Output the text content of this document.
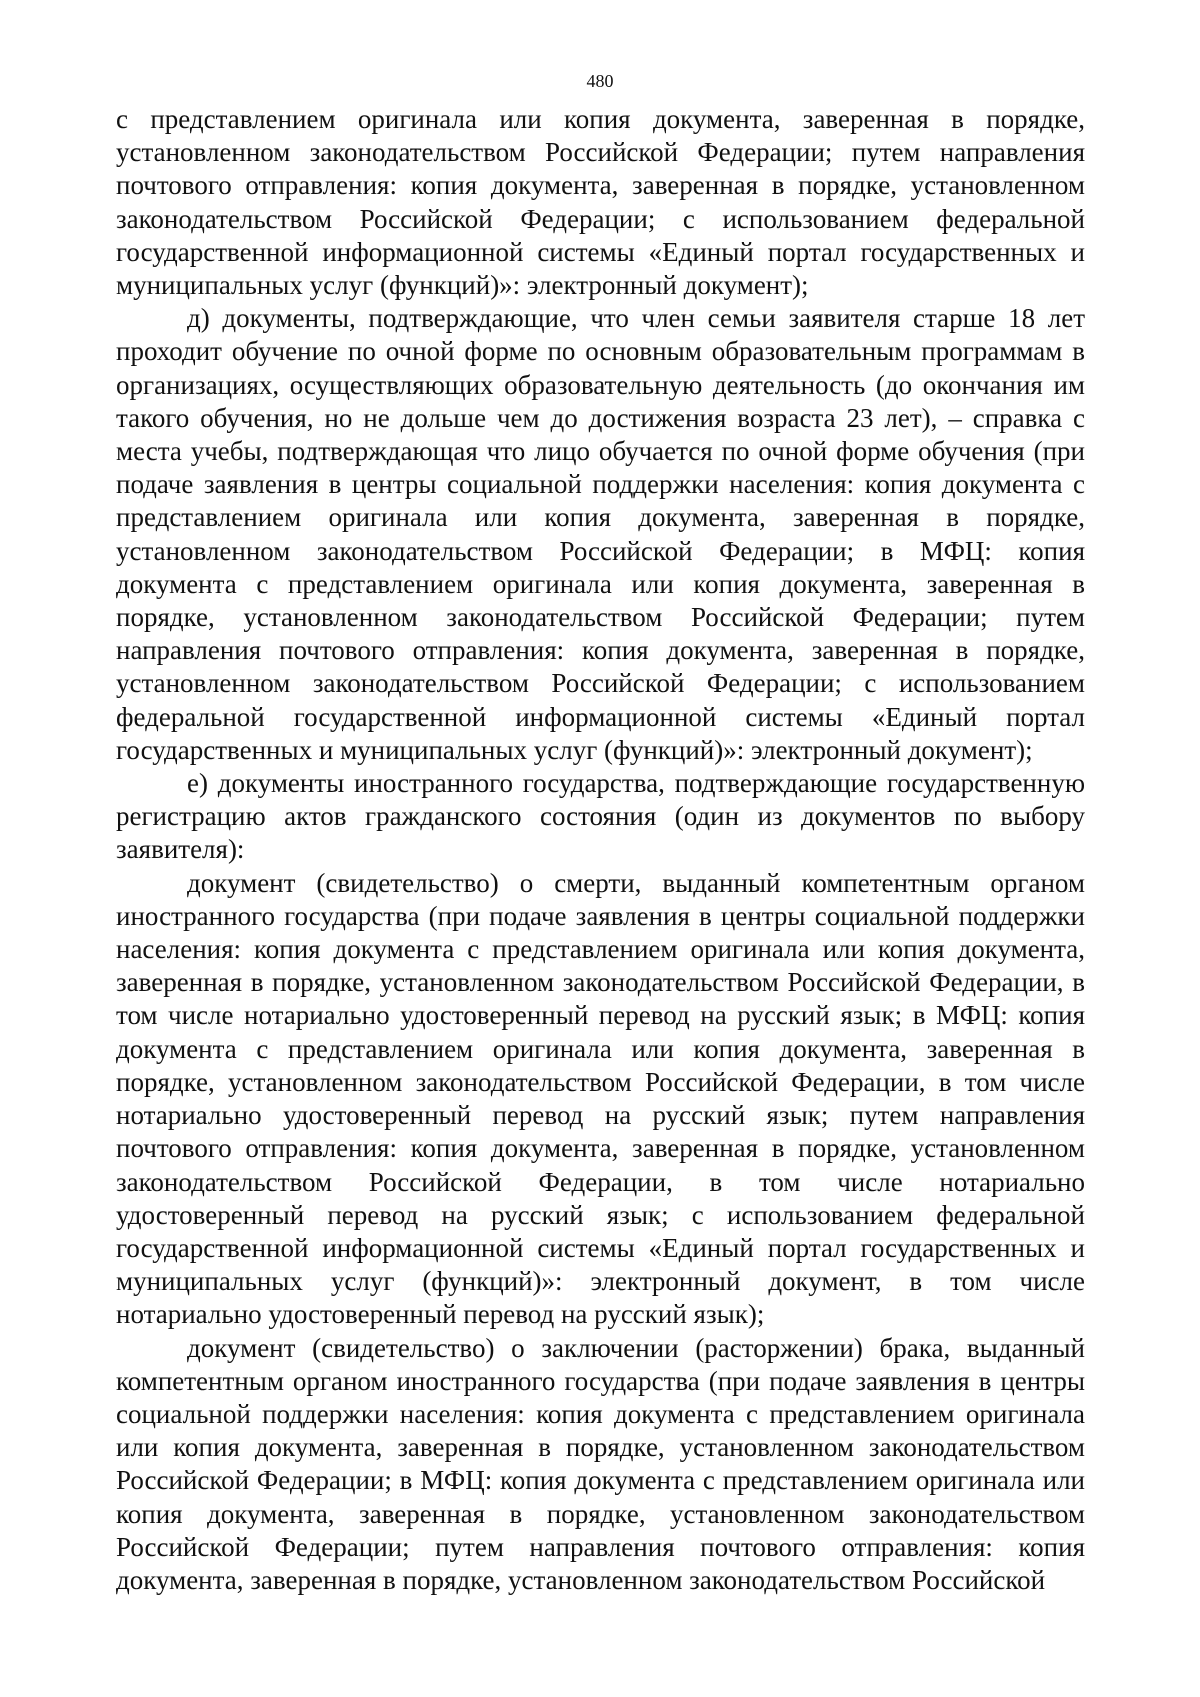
480

с представлением оригинала или копия документа, заверенная в порядке, установленном законодательством Российской Федерации; путем направления почтового отправления: копия документа, заверенная в порядке, установленном законодательством Российской Федерации; с использованием федеральной государственной информационной системы «Единый портал государственных и муниципальных услуг (функций)»: электронный документ);

д) документы, подтверждающие, что член семьи заявителя старше 18 лет проходит обучение по очной форме по основным образовательным программам в организациях, осуществляющих образовательную деятельность (до окончания им такого обучения, но не дольше чем до достижения возраста 23 лет), – справка с места учебы, подтверждающая что лицо обучается по очной форме обучения (при подаче заявления в центры социальной поддержки населения: копия документа с представлением оригинала или копия документа, заверенная в порядке, установленном законодательством Российской Федерации; в МФЦ: копия документа с представлением оригинала или копия документа, заверенная в порядке, установленном законодательством Российской Федерации; путем направления почтового отправления: копия документа, заверенная в порядке, установленном законодательством Российской Федерации; с использованием федеральной государственной информационной системы «Единый портал государственных и муниципальных услуг (функций)»: электронный документ);

е) документы иностранного государства, подтверждающие государственную регистрацию актов гражданского состояния (один из документов по выбору заявителя):

документ (свидетельство) о смерти, выданный компетентным органом иностранного государства (при подаче заявления в центры социальной поддержки населения: копия документа с представлением оригинала или копия документа, заверенная в порядке, установленном законодательством Российской Федерации, в том числе нотариально удостоверенный перевод на русский язык; в МФЦ: копия документа с представлением оригинала или копия документа, заверенная в порядке, установленном законодательством Российской Федерации, в том числе нотариально удостоверенный перевод на русский язык; путем направления почтового отправления: копия документа, заверенная в порядке, установленном законодательством Российской Федерации, в том числе нотариально удостоверенный перевод на русский язык; с использованием федеральной государственной информационной системы «Единый портал государственных и муниципальных услуг (функций)»: электронный документ, в том числе нотариально удостоверенный перевод на русский язык);

документ (свидетельство) о заключении (расторжении) брака, выданный компетентным органом иностранного государства (при подаче заявления в центры социальной поддержки населения: копия документа с представлением оригинала или копия документа, заверенная в порядке, установленном законодательством Российской Федерации; в МФЦ: копия документа с представлением оригинала или копия документа, заверенная в порядке, установленном законодательством Российской Федерации; путем направления почтового отправления: копия документа, заверенная в порядке, установленном законодательством Российской
